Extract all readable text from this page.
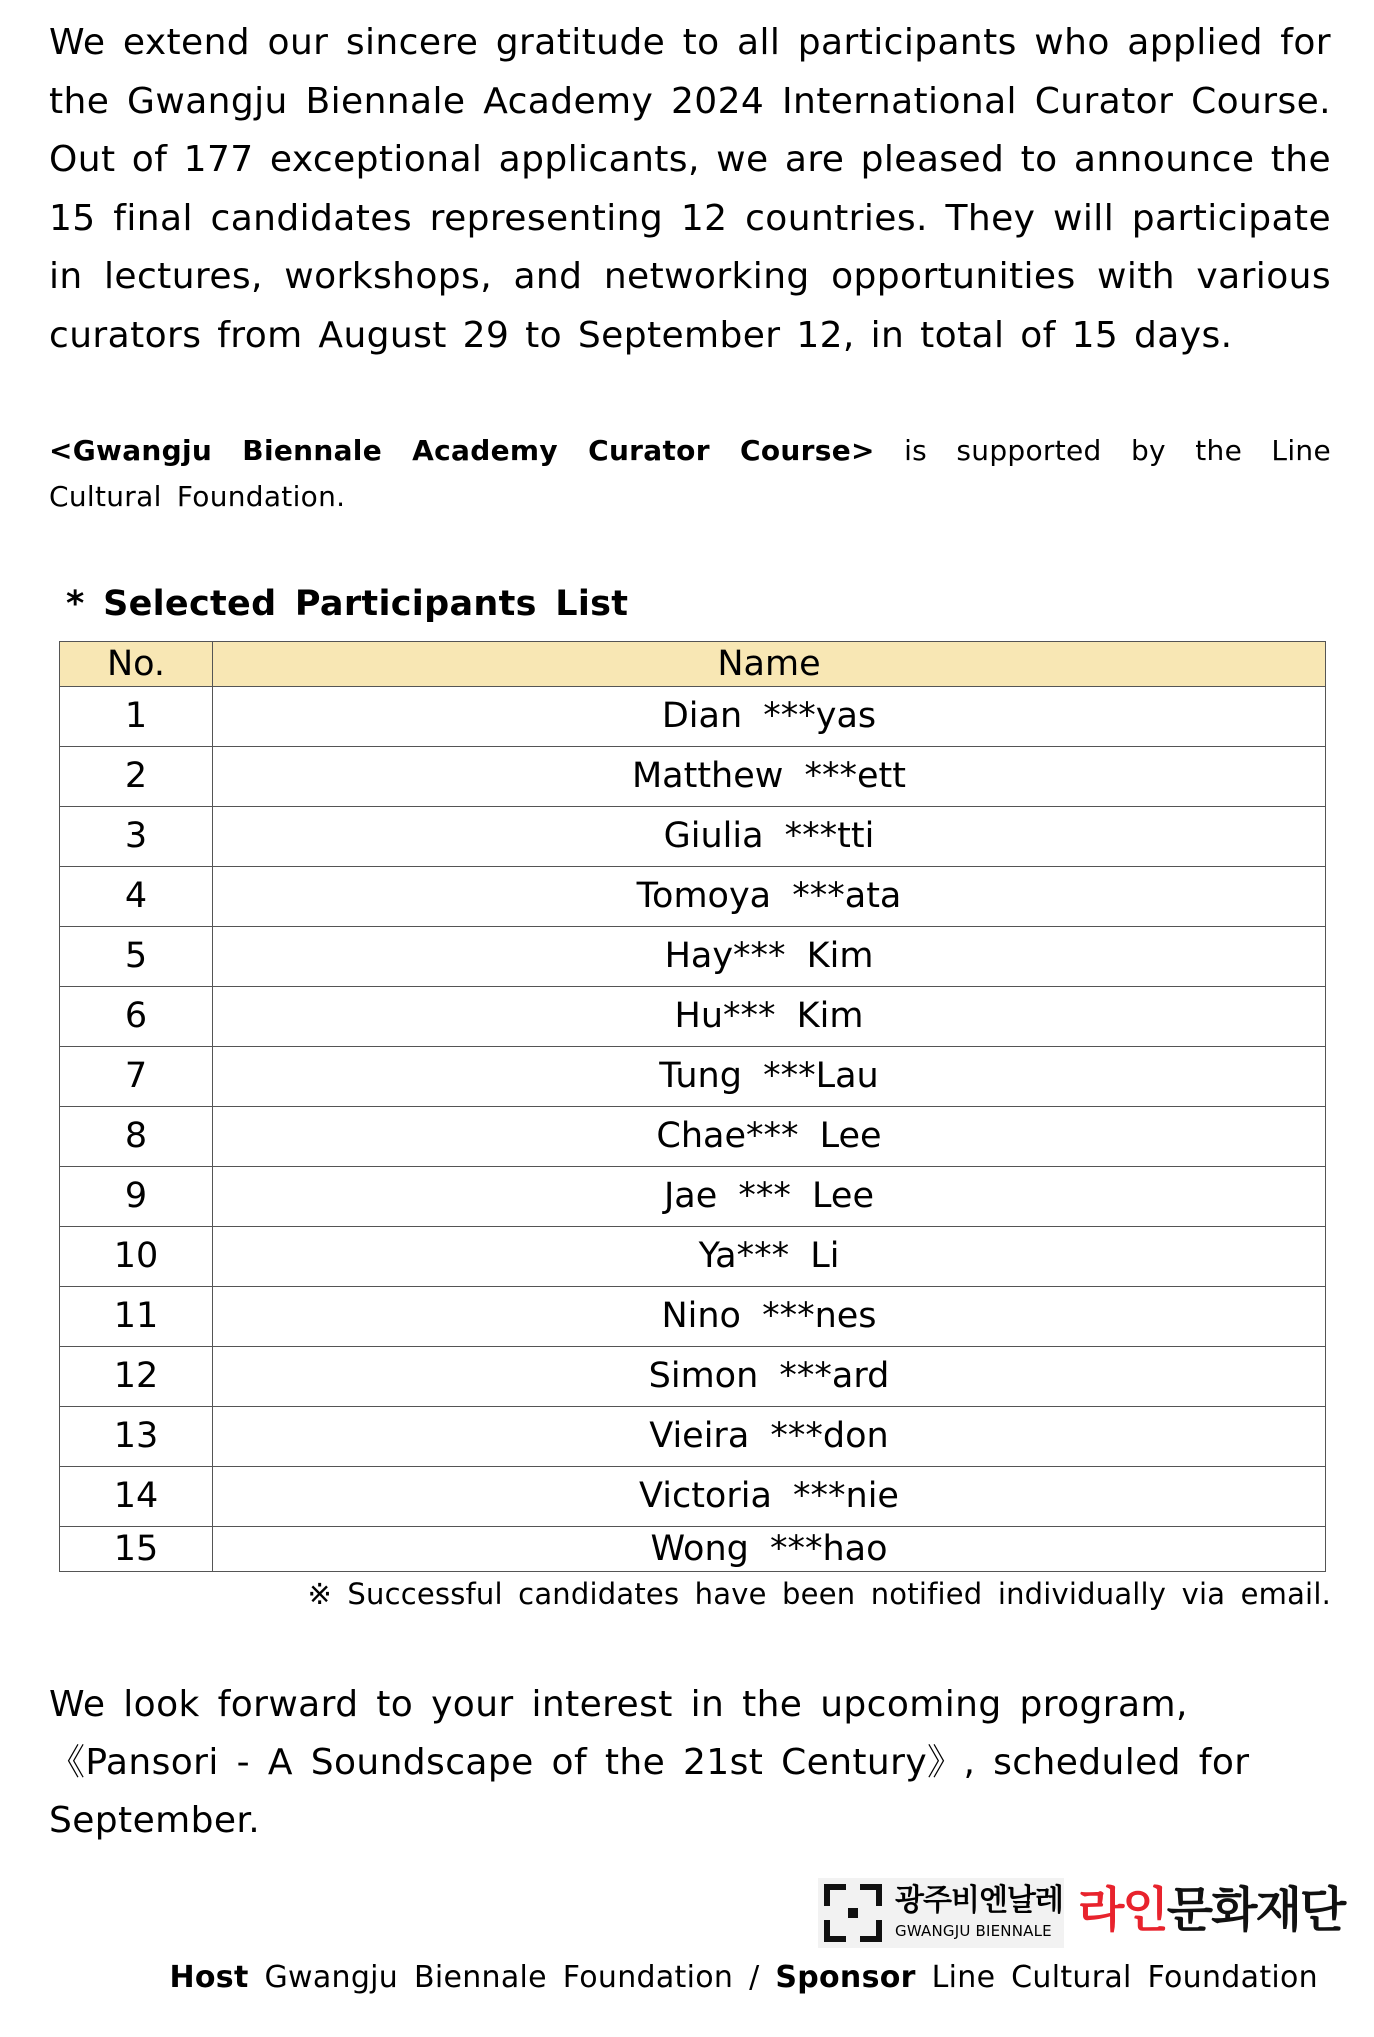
We extend our sincere gratitude to all participants who applied for the Gwangju Biennale Academy 2024 International Curator Course. Out of 177 exceptional applicants, we are pleased to announce the 15 final candidates representing 12 countries. They will participate in lectures, workshops, and networking opportunities with various curators from August 29 to September 12, in total of 15 days.

<Gwangju Biennale Academy Curator Course> is supported by the Line Cultural Foundation.

* Selected Participants List

No.	Name
1	Dian ***yas
2	Matthew ***ett
3	Giulia ***tti
4	Tomoya ***ata
5	Hay*** Kim
6	Hu*** Kim
7	Tung ***Lau
8	Chae*** Lee
9	Jae *** Lee
10	Ya*** Li
11	Nino ***nes
12	Simon ***ard
13	Vieira ***don
14	Victoria ***nie
15	Wong ***hao

※ Successful candidates have been notified individually via email.

We look forward to your interest in the upcoming program,
《Pansori - A Soundscape of the 21st Century》, scheduled for September.

광주비엔날레
GWANGJU BIENNALE 라인문화재단

Host Gwangju Biennale Foundation / Sponsor Line Cultural Foundation
